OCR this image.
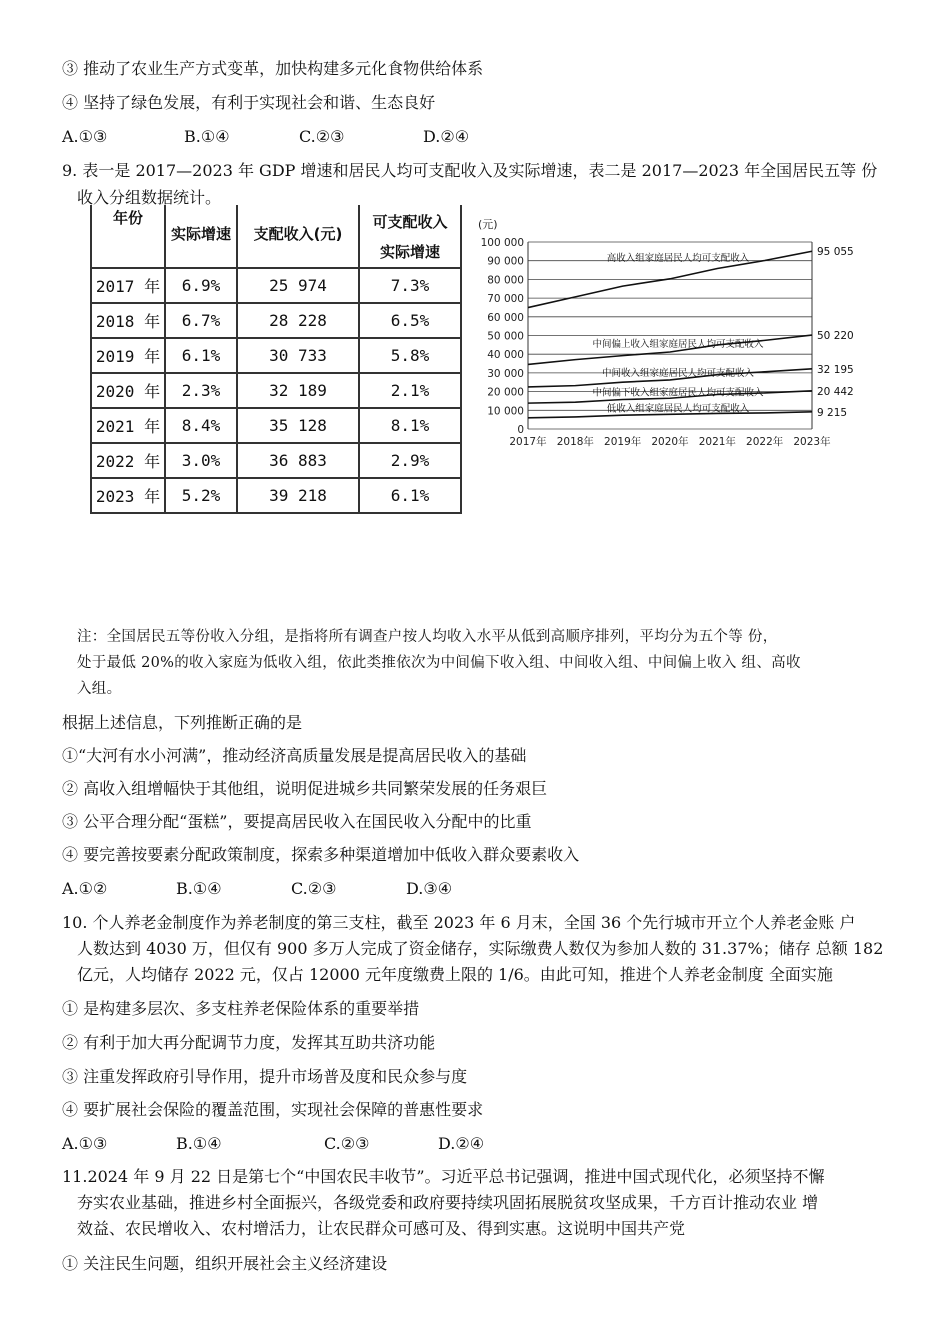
③ 推动了农业生产方式变革，加快构建多元化食物供给体系
④ 坚持了绿色发展，有利于实现社会和谐、生态良好
A.①③	B.①④	C.②③	D.②④
9. 表一是 2017—2023 年 GDP 增速和居民人均可支配收入及实际增速，表二是 2017—2023 年全国居民五等 份
收入分组数据统计。
年份	实际增速	支配收入(元)	可支配收入
实际增速

2017 年	6.9%	25 974	7.3%
2018 年	6.7%	28 228	6.5%
2019 年	6.1%	30 733	5.8%
2020 年	2.3%	32 189	2.1%
2021 年	8.4%	35 128	8.1%
2022 年	3.0%	36 883	2.9%
2023 年	5.2%	39 218	6.1%
(元)
100 000
90 000
80 000
70 000
60 000
50 000
40 000
30 000
20 000
10 000
0
2017年 2018年 2019年 2020年 2021年 2022年 2023年
高收入组家庭居民人均可支配收入
95 055
中间偏上收入组家庭居民人均可支配收入
50 220
中间收入组家庭居民人均可支配收入	32 195
中间偏下收入组家庭居民人均可支配收入	20 442
低收入组家庭居民人均可支配收入	9 215
注：全国居民五等份收入分组，是指将所有调查户按人均收入水平从低到高顺序排列，平均分为五个等 份，
处于最低 20%的收入家庭为低收入组，依此类推依次为中间偏下收入组、中间收入组、中间偏上收入 组、高收
入组。
根据上述信息，下列推断正确的是
①“大河有水小河满”，推动经济高质量发展是提高居民收入的基础
② 高收入组增幅快于其他组，说明促进城乡共同繁荣发展的任务艰巨
③ 公平合理分配“蛋糕”，要提高居民收入在国民收入分配中的比重
④ 要完善按要素分配政策制度，探索多种渠道增加中低收入群众要素收入
A.①②	B.①④	C.②③	D.③④
10. 个人养老金制度作为养老制度的第三支柱，截至 2023 年 6 月末，全国 36 个先行城市开立个人养老金账 户
人数达到 4030 万，但仅有 900 多万人完成了资金储存，实际缴费人数仅为参加人数的 31.37%；储存 总额 182
亿元，人均储存 2022 元，仅占 12000 元年度缴费上限的 1/6。由此可知，推进个人养老金制度 全面实施
① 是构建多层次、多支柱养老保险体系的重要举措
② 有利于加大再分配调节力度，发挥其互助共济功能
③ 注重发挥政府引导作用，提升市场普及度和民众参与度
④ 要扩展社会保险的覆盖范围，实现社会保障的普惠性要求
A.①③	B.①④	C.②③	D.②④
11.2024 年 9 月 22 日是第七个“中国农民丰收节”。习近平总书记强调，推进中国式现代化，必须坚持不懈
夯实农业基础，推进乡村全面振兴，各级党委和政府要持续巩固拓展脱贫攻坚成果，千方百计推动农业 增
效益、农民增收入、农村增活力，让农民群众可感可及、得到实惠。这说明中国共产党
① 关注民生问题，组织开展社会主义经济建设
